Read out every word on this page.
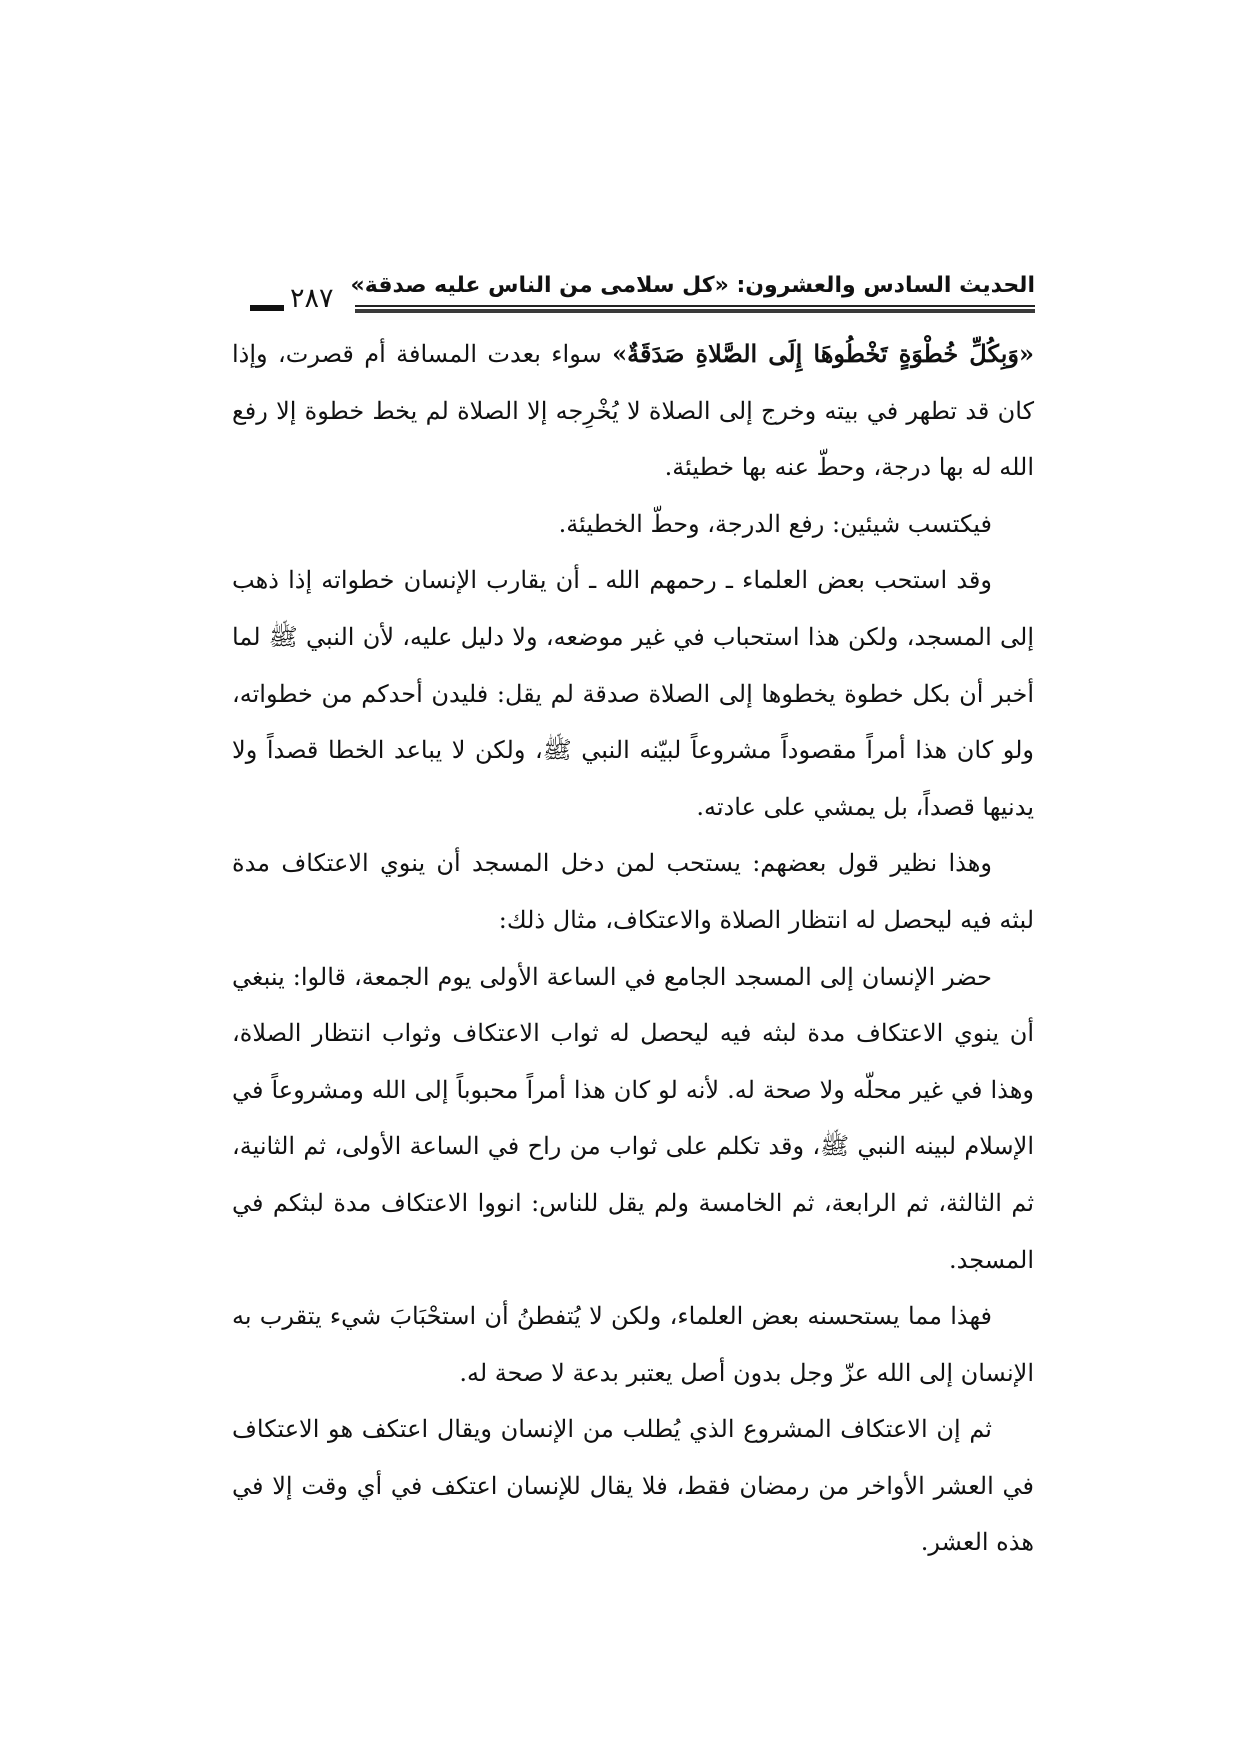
٢٨٧ الحديث السادس والعشرون: «كل سلامى من الناس عليه صدقة»

«وَبِكُلِّ خُطْوَةٍ تَخْطُوهَا إِلَى الصَّلاةِ صَدَقَةٌ» سواء بعدت المسافة أم قصرت، وإذا كان قد تطهر في بيته وخرج إلى الصلاة لا يُخْرِجه إلا الصلاة لم يخط خطوة إلا رفع الله له بها درجة، وحطّ عنه بها خطيئة.

فيكتسب شيئين: رفع الدرجة، وحطّ الخطيئة.

وقد استحب بعض العلماء ـ رحمهم الله ـ أن يقارب الإنسان خطواته إذا ذهب إلى المسجد، ولكن هذا استحباب في غير موضعه، ولا دليل عليه، لأن النبي ﷺ لما أخبر أن بكل خطوة يخطوها إلى الصلاة صدقة لم يقل: فليدن أحدكم من خطواته، ولو كان هذا أمراً مقصوداً مشروعاً لبيّنه النبي ﷺ، ولكن لا يباعد الخطا قصداً ولا يدنيها قصداً، بل يمشي على عادته.

وهذا نظير قول بعضهم: يستحب لمن دخل المسجد أن ينوي الاعتكاف مدة لبثه فيه ليحصل له انتظار الصلاة والاعتكاف، مثال ذلك:

حضر الإنسان إلى المسجد الجامع في الساعة الأولى يوم الجمعة، قالوا: ينبغي أن ينوي الاعتكاف مدة لبثه فيه ليحصل له ثواب الاعتكاف وثواب انتظار الصلاة، وهذا في غير محلّه ولا صحة له. لأنه لو كان هذا أمراً محبوباً إلى الله ومشروعاً في الإسلام لبينه النبي ﷺ، وقد تكلم على ثواب من راح في الساعة الأولى، ثم الثانية، ثم الثالثة، ثم الرابعة، ثم الخامسة ولم يقل للناس: انووا الاعتكاف مدة لبثكم في المسجد.

فهذا مما يستحسنه بعض العلماء، ولكن لا يُتفطنُ أن استحْبَابَ شيء يتقرب به الإنسان إلى الله عزّ وجل بدون أصل يعتبر بدعة لا صحة له.

ثم إن الاعتكاف المشروع الذي يُطلب من الإنسان ويقال اعتكف هو الاعتكاف في العشر الأواخر من رمضان فقط، فلا يقال للإنسان اعتكف في أي وقت إلا في هذه العشر.
